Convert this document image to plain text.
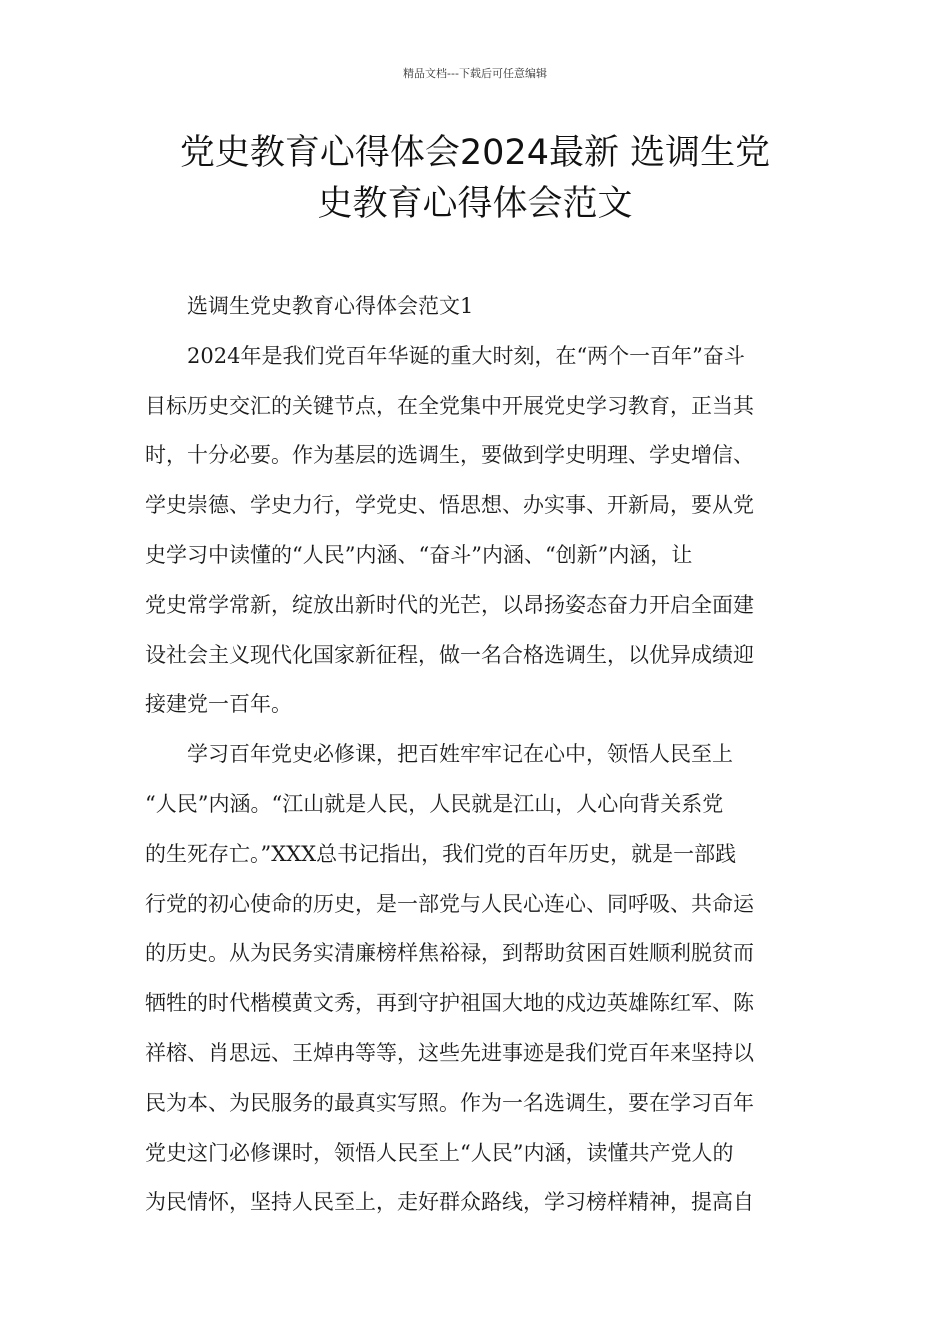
精品文档---下载后可任意编辑
党史教育心得体会2024最新 选调生党
史教育心得体会范文
选调生党史教育心得体会范文1
2024年是我们党百年华诞的重大时刻，在“两个一百年”奋斗
目标历史交汇的关键节点，在全党集中开展党史学习教育，正当其
时，十分必要。作为基层的选调生，要做到学史明理、学史增信、
学史崇德、学史力行，学党史、悟思想、办实事、开新局，要从党
史学习中读懂的“人民”内涵、“奋斗”内涵、“创新”内涵，让
党史常学常新，绽放出新时代的光芒，以昂扬姿态奋力开启全面建
设社会主义现代化国家新征程，做一名合格选调生，以优异成绩迎
接建党一百年。
学习百年党史必修课，把百姓牢牢记在心中，领悟人民至上
“人民”内涵。“江山就是人民，人民就是江山，人心向背关系党
的生死存亡。”XXX总书记指出，我们党的百年历史，就是一部践
行党的初心使命的历史，是一部党与人民心连心、同呼吸、共命运
的历史。从为民务实清廉榜样焦裕禄，到帮助贫困百姓顺利脱贫而
牺牲的时代楷模黄文秀，再到守护祖国大地的戍边英雄陈红军、陈
祥榕、肖思远、王焯冉等等，这些先进事迹是我们党百年来坚持以
民为本、为民服务的最真实写照。作为一名选调生，要在学习百年
党史这门必修课时，领悟人民至上“人民”内涵，读懂共产党人的
为民情怀，坚持人民至上，走好群众路线，学习榜样精神，提高自
